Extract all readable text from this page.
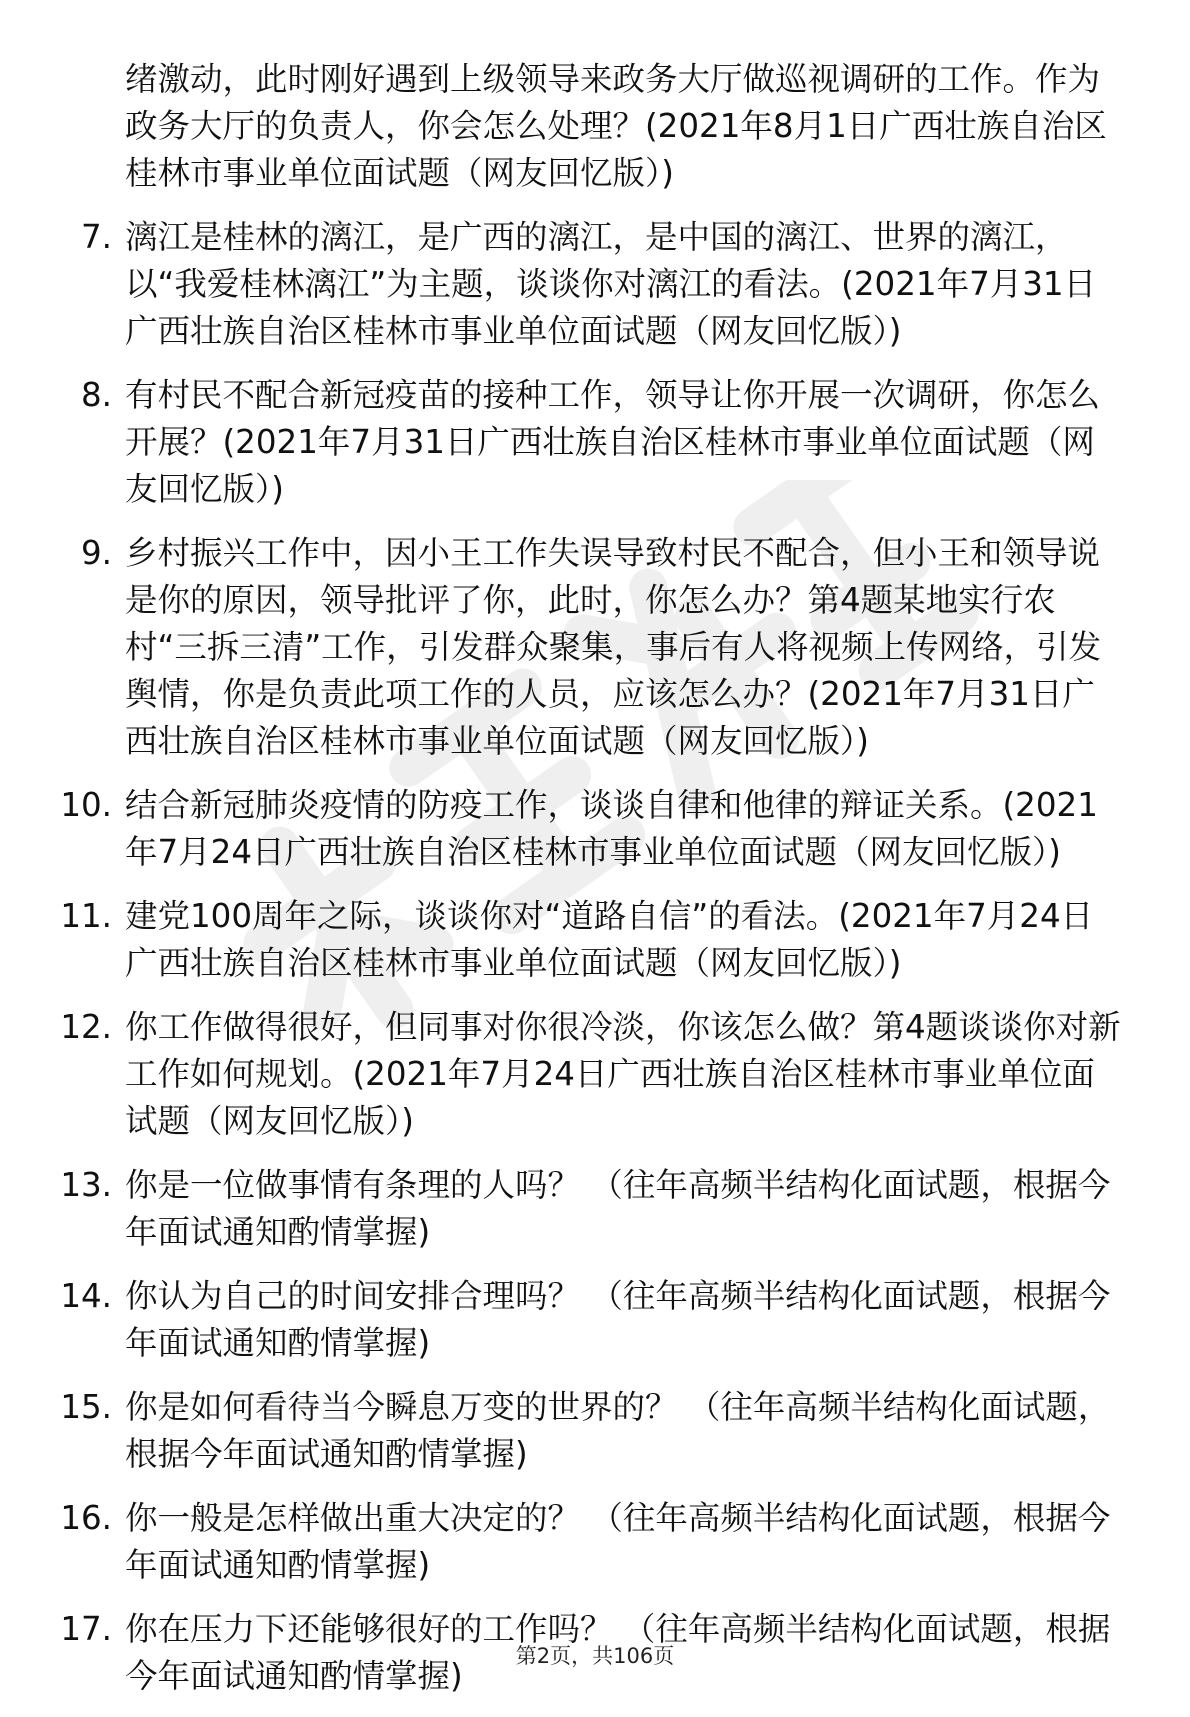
绪激动，此时刚好遇到上级领导来政务大厅做巡视调研的工作。作为政务大厅的负责人，你会怎么处理？(2021年8月1日广西壮族自治区桂林市事业单位面试题（网友回忆版）)
7. 漓江是桂林的漓江，是广西的漓江，是中国的漓江、世界的漓江，以“我爱桂林漓江”为主题，谈谈你对漓江的看法。(2021年7月31日广西壮族自治区桂林市事业单位面试题（网友回忆版）)
8. 有村民不配合新冠疫苗的接种工作，领导让你开展一次调研，你怎么开展？(2021年7月31日广西壮族自治区桂林市事业单位面试题（网友回忆版）)
9. 乡村振兴工作中，因小王工作失误导致村民不配合，但小王和领导说是你的原因，领导批评了你，此时，你怎么办？第4题某地实行农村“三拆三清”工作，引发群众聚集，事后有人将视频上传网络，引发舆情，你是负责此项工作的人员，应该怎么办？(2021年7月31日广西壮族自治区桂林市事业单位面试题（网友回忆版）)
10. 结合新冠肺炎疫情的防疫工作，谈谈自律和他律的辩证关系。(2021年7月24日广西壮族自治区桂林市事业单位面试题（网友回忆版）)
11. 建党100周年之际，谈谈你对“道路自信”的看法。(2021年7月24日广西壮族自治区桂林市事业单位面试题（网友回忆版）)
12. 你工作做得很好，但同事对你很冷淡，你该怎么做？第4题谈谈你对新工作如何规划。(2021年7月24日广西壮族自治区桂林市事业单位面试题（网友回忆版）)
13. 你是一位做事情有条理的人吗？ （往年高频半结构化面试题，根据今年面试通知酌情掌握)
14. 你认为自己的时间安排合理吗？ （往年高频半结构化面试题，根据今年面试通知酌情掌握)
15. 你是如何看待当今瞬息万变的世界的？ （往年高频半结构化面试题，根据今年面试通知酌情掌握)
16. 你一般是怎样做出重大决定的？ （往年高频半结构化面试题，根据今年面试通知酌情掌握)
17. 你在压力下还能够很好的工作吗？ （往年高频半结构化面试题，根据今年面试通知酌情掌握)
第2页，共106页
